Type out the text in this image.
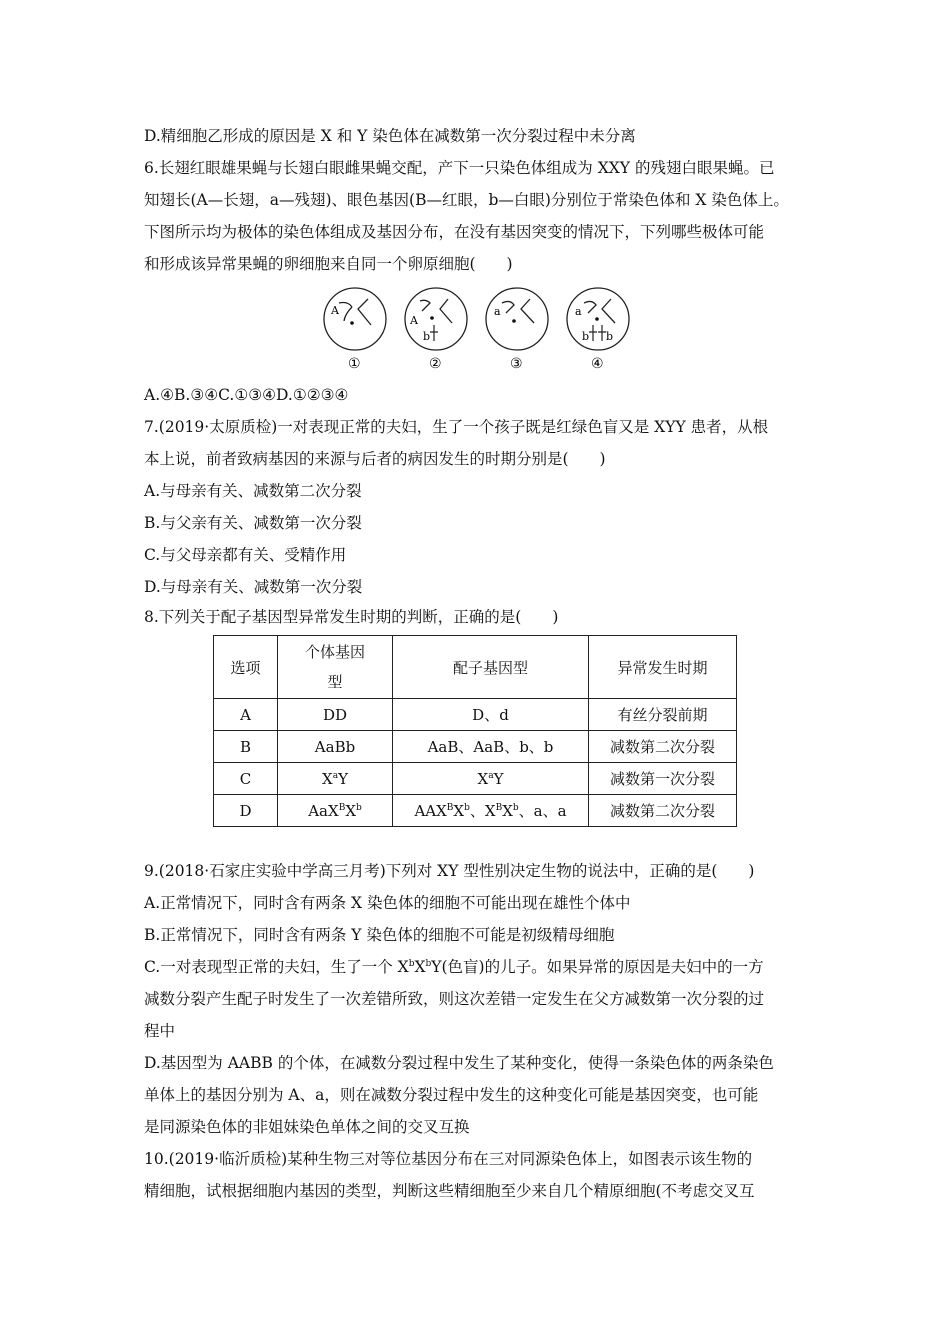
D.精细胞乙形成的原因是 X 和 Y 染色体在减数第一次分裂过程中未分离
6.长翅红眼雄果蝇与长翅白眼雌果蝇交配，产下一只染色体组成为 XXY 的残翅白眼果蝇。已
知翅长(A—长翅，a—残翅)、眼色基因(B—红眼，b—白眼)分别位于常染色体和 X 染色体上。
下图所示均为极体的染色体组成及基因分布，在没有基因突变的情况下，下列哪些极体可能
和形成该异常果蝇的卵细胞来自同一个卵原细胞(　　)
A
①
A
b
②
a
③
a
b b
④
A.④B.③④C.①③④D.①②③④
7.(2019·太原质检)一对表现正常的夫妇，生了一个孩子既是红绿色盲又是 XYY 患者，从根
本上说，前者致病基因的来源与后者的病因发生的时期分别是(　　)
A.与母亲有关、减数第二次分裂
B.与父亲有关、减数第一次分裂
C.与父母亲都有关、受精作用
D.与母亲有关、减数第一次分裂
8.下列关于配子基因型异常发生时期的判断，正确的是(　　)
选项	个体基因型	配子基因型	异常发生时期
A	DD	D、d	有丝分裂前期
B	AaBb	AaB、AaB、b、b	减数第二次分裂
C	$X^aY$	$X^aY$	减数第一次分裂
D	$AaX^BX^b$	$AAX^BX^b$、$X^BX^b$、a、a	减数第二次分裂
9.(2018·石家庄实验中学高三月考)下列对 XY 型性别决定生物的说法中，正确的是(　　)
A.正常情况下，同时含有两条 X 染色体的细胞不可能出现在雄性个体中
B.正常情况下，同时含有两条 Y 染色体的细胞不可能是初级精母细胞
C.一对表现型正常的夫妇，生了一个 $X^bX^bY$(色盲)的儿子。如果异常的原因是夫妇中的一方
减数分裂产生配子时发生了一次差错所致，则这次差错一定发生在父方减数第一次分裂的过
程中
D.基因型为 AABB 的个体，在减数分裂过程中发生了某种变化，使得一条染色体的两条染色
单体上的基因分别为 A、a，则在减数分裂过程中发生的这种变化可能是基因突变，也可能
是同源染色体的非姐妹染色单体之间的交叉互换
10.(2019·临沂质检)某种生物三对等位基因分布在三对同源染色体上，如图表示该生物的
精细胞，试根据细胞内基因的类型，判断这些精细胞至少来自几个精原细胞(不考虑交叉互
